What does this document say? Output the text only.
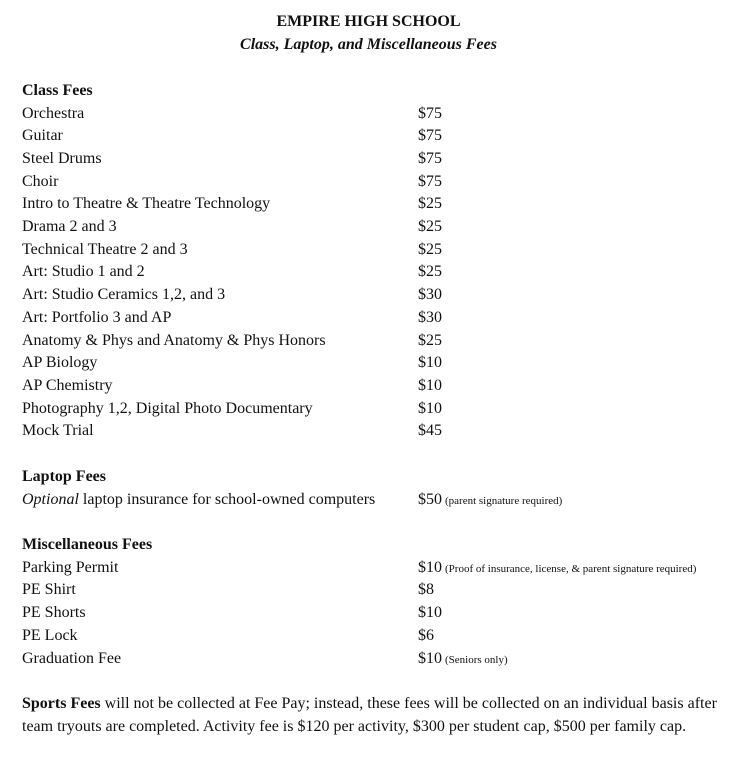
EMPIRE HIGH SCHOOL
Class, Laptop, and Miscellaneous Fees
Class Fees
Orchestra	$75
Guitar	$75
Steel Drums	$75
Choir	$75
Intro to Theatre & Theatre Technology	$25
Drama 2 and 3	$25
Technical Theatre 2 and 3	$25
Art: Studio 1 and 2	$25
Art: Studio Ceramics 1,2, and 3	$30
Art: Portfolio 3 and AP	$30
Anatomy & Phys and Anatomy & Phys Honors	$25
AP Biology	$10
AP Chemistry	$10
Photography 1,2, Digital Photo Documentary	$10
Mock Trial	$45
Laptop Fees
Optional laptop insurance for school-owned computers	$50 (parent signature required)
Miscellaneous Fees
Parking Permit	$10 (Proof of insurance, license, & parent signature required)
PE Shirt	$8
PE Shorts	$10
PE Lock	$6
Graduation Fee	$10 (Seniors only)
Sports Fees will not be collected at Fee Pay; instead, these fees will be collected on an individual basis after team tryouts are completed. Activity fee is $120 per activity, $300 per student cap, $500 per family cap.
